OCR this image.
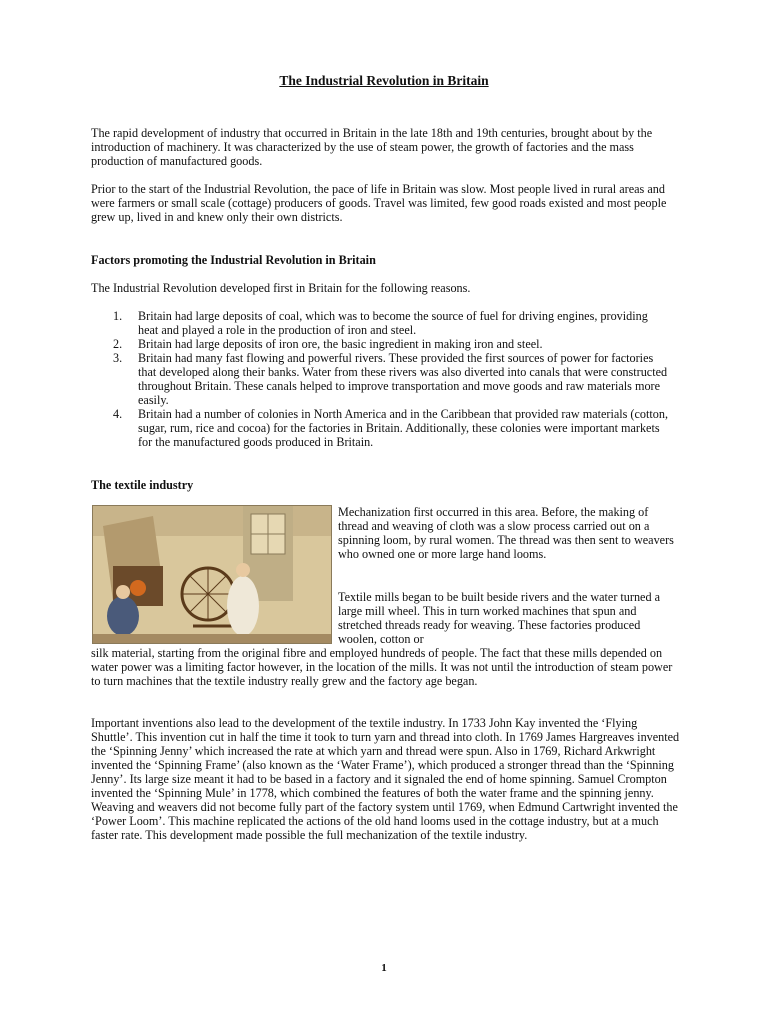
The Industrial Revolution in Britain

The rapid development of industry that occurred in Britain in the late 18th and 19th centuries, brought about by the introduction of machinery. It was characterized by the use of steam power, the growth of factories and the mass production of manufactured goods.

Prior to the start of the Industrial Revolution, the pace of life in Britain was slow. Most people lived in rural areas and were farmers or small scale (cottage) producers of goods. Travel was limited, few good roads existed and most people grew up, lived in and knew only their own districts.

Factors promoting the Industrial Revolution in Britain

The Industrial Revolution developed first in Britain for the following reasons.

1. Britain had large deposits of coal, which was to become the source of fuel for driving engines, providing heat and played a role in the production of iron and steel.
2. Britain had large deposits of iron ore, the basic ingredient in making iron and steel.
3. Britain had many fast flowing and powerful rivers. These provided the first sources of power for factories that developed along their banks. Water from these rivers was also diverted into canals that were constructed throughout Britain. These canals helped to improve transportation and move goods and raw materials more easily.
4. Britain had a number of colonies in North America and in the Caribbean that provided raw materials (cotton, sugar, rum, rice and cocoa) for the factories in Britain. Additionally, these colonies were important markets for the manufactured goods produced in Britain.

The textile industry

Mechanization first occurred in this area. Before, the making of thread and weaving of cloth was a slow process carried out on a spinning loom, by rural women. The thread was then sent to weavers who owned one or more large hand looms.

Textile mills began to be built beside rivers and the water turned a large mill wheel. This in turn worked machines that spun and stretched threads ready for weaving. These factories produced woolen, cotton or

silk material, starting from the original fibre and employed hundreds of people. The fact that these mills depended on water power was a limiting factor however, in the location of the mills. It was not until the introduction of steam power to turn machines that the textile industry really grew and the factory age began.

Important inventions also lead to the development of the textile industry. In 1733 John Kay invented the ‘Flying Shuttle’. This invention cut in half the time it took to turn yarn and thread into cloth. In 1769 James Hargreaves invented the ‘Spinning Jenny’ which increased the rate at which yarn and thread were spun. Also in 1769, Richard Arkwright invented the ‘Spinning Frame’ (also known as the ‘Water Frame’), which produced a stronger thread than the ‘Spinning Jenny’. Its large size meant it had to be based in a factory and it signaled the end of home spinning. Samuel Crompton invented the ‘Spinning Mule’ in 1778, which combined the features of both the water frame and the spinning jenny. Weaving and weavers did not become fully part of the factory system until 1769, when Edmund Cartwright invented the ‘Power Loom’. This machine replicated the actions of the old hand looms used in the cottage industry, but at a much faster rate. This development made possible the full mechanization of the textile industry.

1
